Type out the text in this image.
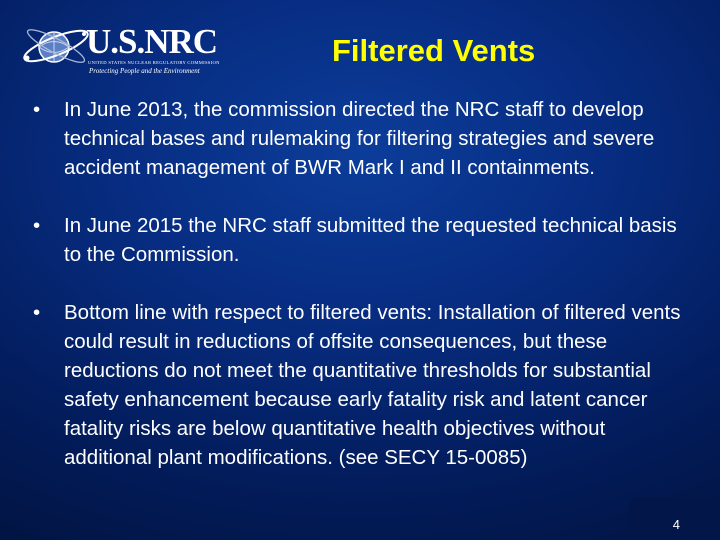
U.S.NRC
UNITED STATES NUCLEAR REGULATORY COMMISSION
Protecting People and the Environment
Filtered Vents
• In June 2013, the commission directed the NRC staff to develop technical bases and rulemaking for filtering strategies and severe accident management of BWR Mark I and II containments.
• In June 2015 the NRC staff submitted the requested technical basis to the Commission.
• Bottom line with respect to filtered vents: Installation of filtered vents could result in reductions of offsite consequences, but these reductions do not meet the quantitative thresholds for substantial safety enhancement because early fatality risk and latent cancer fatality risks are below quantitative health objectives without additional plant modifications. (see SECY 15-0085)
4
